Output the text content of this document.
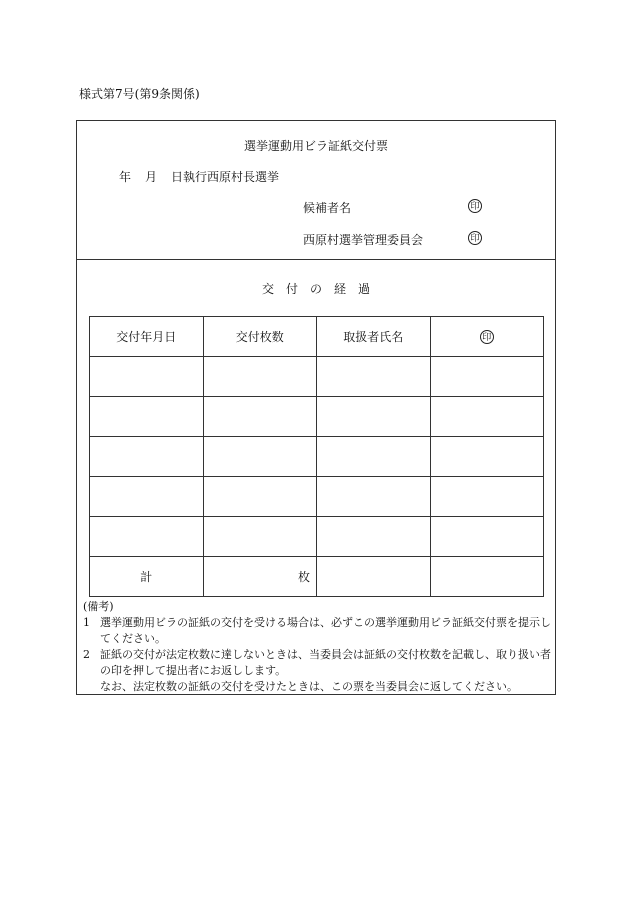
様式第7号(第9条関係)
選挙運動用ビラ証紙交付票
年 月 日執行西原村長選挙
候補者名	印
西原村選挙管理委員会	印
交付の経過
交付年月日	交付枚数	取扱者氏名	印

計	枚		
(備考)
1 選挙運動用ビラの証紙の交付を受ける場合は、必ずこの選挙運動用ビラ証紙交付票を提示してください。
2 証紙の交付が法定枚数に達しないときは、当委員会は証紙の交付枚数を記載し、取り扱い者の印を押して提出者にお返しします。
なお、法定枚数の証紙の交付を受けたときは、この票を当委員会に返してください。
